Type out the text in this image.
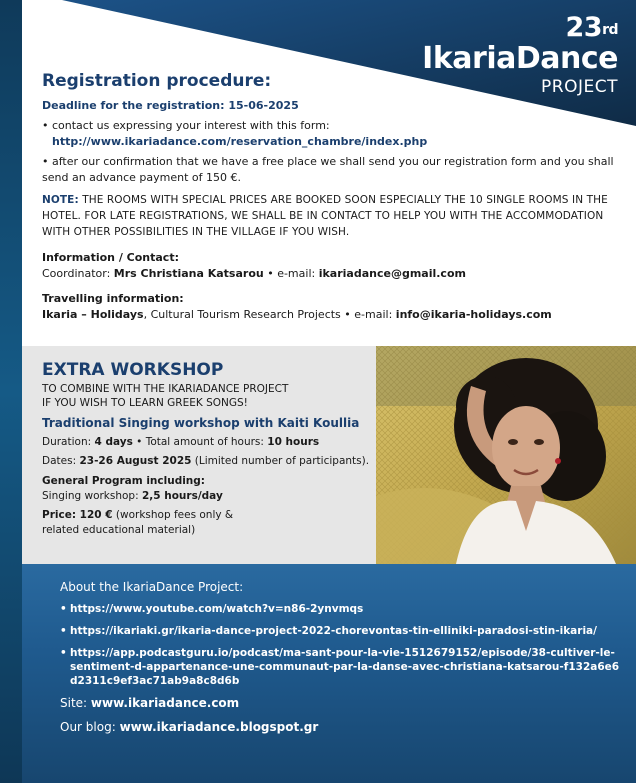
23rd
IkariaDance
PROJECT
Registration procedure:
Deadline for the registration: 15-06-2025

• contact us expressing your interest with this form:

http://www.ikariadance.com/reservation_chambre/index.php

• after our confirmation that we have a free place we shall send you our registration form and you shall send an advance payment of 150 €.

NOTE: THE ROOMS WITH SPECIAL PRICES ARE BOOKED SOON ESPECIALLY THE 10 SINGLE ROOMS IN THE HOTEL. FOR LATE REGISTRATIONS, WE SHALL BE IN CONTACT TO HELP YOU WITH THE ACCOMMODATION WITH OTHER POSSIBILITIES IN THE VILLAGE IF YOU WISH.

Information / Contact:

Coordinator: Mrs Christiana Katsarou • e-mail: ikariadance@gmail.com

Travelling information:

Ikaria – Holidays, Cultural Tourism Research Projects • e-mail: info@ikaria-holidays.com

EXTRA WORKSHOP
TO COMBINE WITH THE IKARIADANCE PROJECT
IF YOU WISH TO LEARN GREEK SONGS!
Traditional Singing workshop with Kaiti Koullia

Duration: 4 days • Total amount of hours: 10 hours

Dates: 23-26 August 2025 (Limited number of participants).

General Program including:

Singing workshop: 2,5 hours/day

Price: 120 € (workshop fees only &

related educational material)

About the IkariaDance Project:
• https://www.youtube.com/watch?v=n86-2ynvmqs
• https://ikariaki.gr/ikaria-dance-project-2022-chorevontas-tin-elliniki-paradosi-stin-ikaria/
• https://app.podcastguru.io/podcast/ma-sant-pour-la-vie-1512679152/episode/38-cultiver-le-sentiment-d-appartenance-une-communaut-par-la-danse-avec-christiana-katsarou-f132a6e6d2311c9ef3ac71ab9a8c8d6b
Site: www.ikariadance.com
Our blog: www.ikariadance.blogspot.gr
